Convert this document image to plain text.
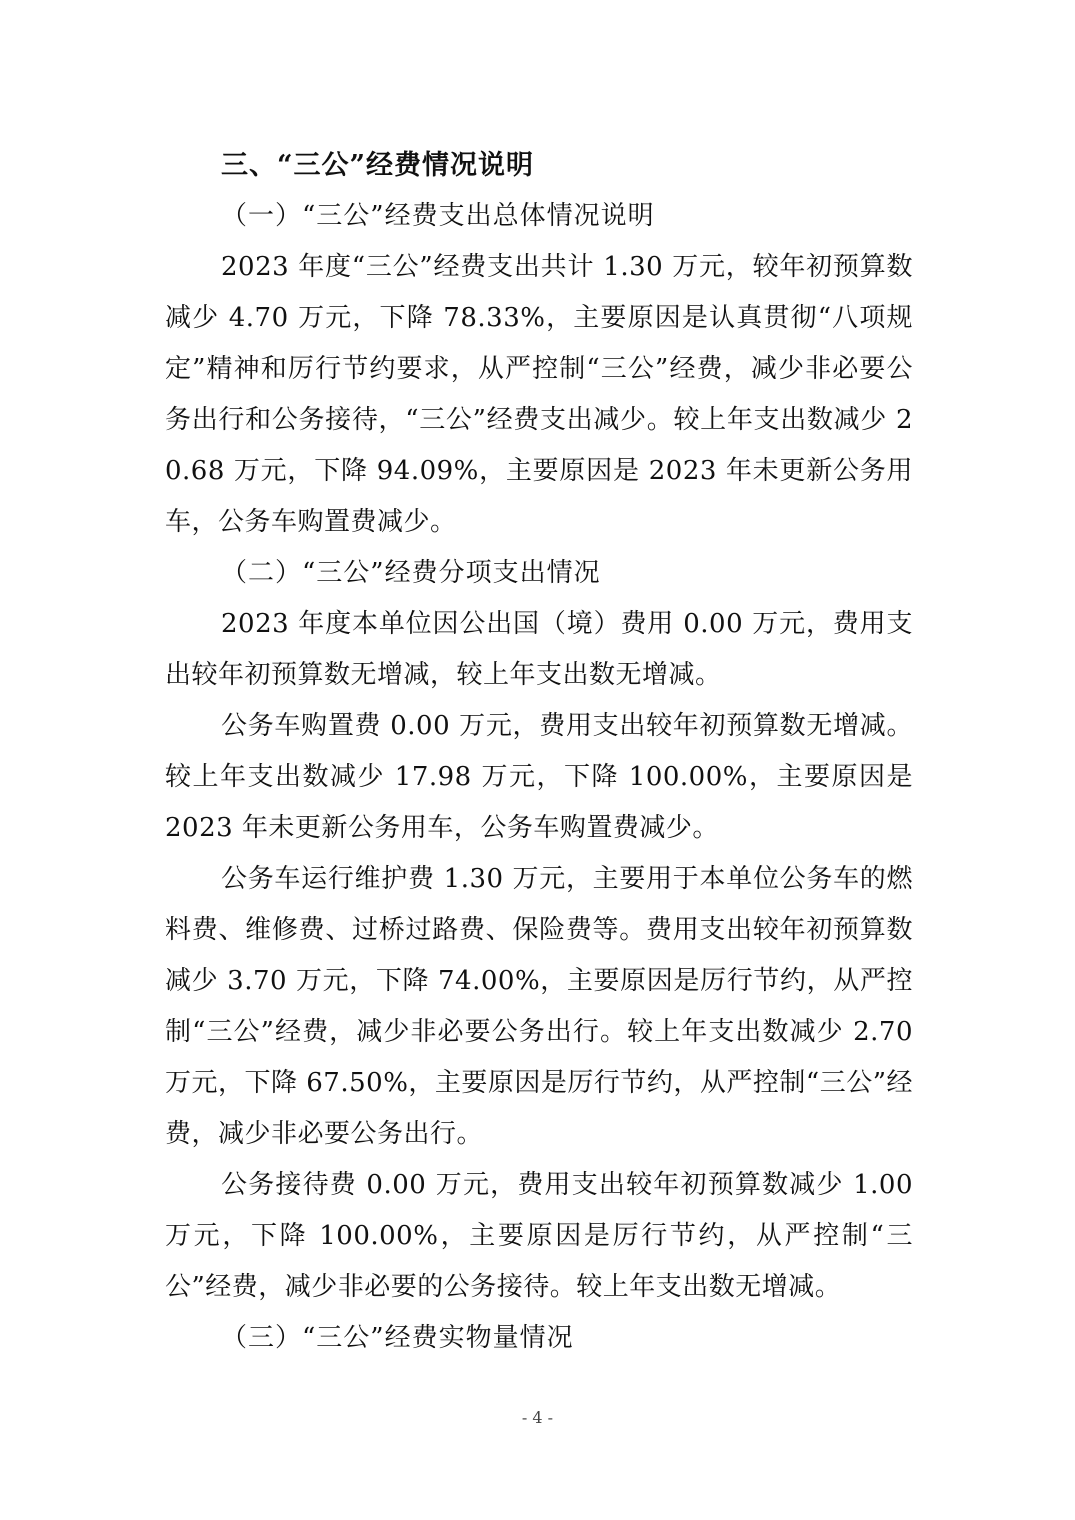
三、“三公”经费情况说明
（一）“三公”经费支出总体情况说明

2023 年度“三公”经费支出共计 1.30 万元，较年初预算数减少 4.70 万元，下降 78.33%，主要原因是认真贯彻“八项规定”精神和厉行节约要求，从严控制“三公”经费，减少非必要公务出行和公务接待，“三公”经费支出减少。较上年支出数减少 20.68 万元，下降 94.09%，主要原因是 2023 年未更新公务用车，公务车购置费减少。

（二）“三公”经费分项支出情况

2023 年度本单位因公出国（境）费用 0.00 万元，费用支出较年初预算数无增减，较上年支出数无增减。

公务车购置费 0.00 万元，费用支出较年初预算数无增减。较上年支出数减少 17.98 万元，下降 100.00%，主要原因是 2023 年未更新公务用车，公务车购置费减少。

公务车运行维护费 1.30 万元，主要用于本单位公务车的燃料费、维修费、过桥过路费、保险费等。费用支出较年初预算数减少 3.70 万元，下降 74.00%，主要原因是厉行节约，从严控制“三公”经费，减少非必要公务出行。较上年支出数减少 2.70 万元，下降 67.50%，主要原因是厉行节约，从严控制“三公”经费，减少非必要公务出行。

公务接待费 0.00 万元，费用支出较年初预算数减少 1.00 万元，下降 100.00%，主要原因是厉行节约，从严控制“三公”经费，减少非必要的公务接待。较上年支出数无增减。

（三）“三公”经费实物量情况
- 4 -
